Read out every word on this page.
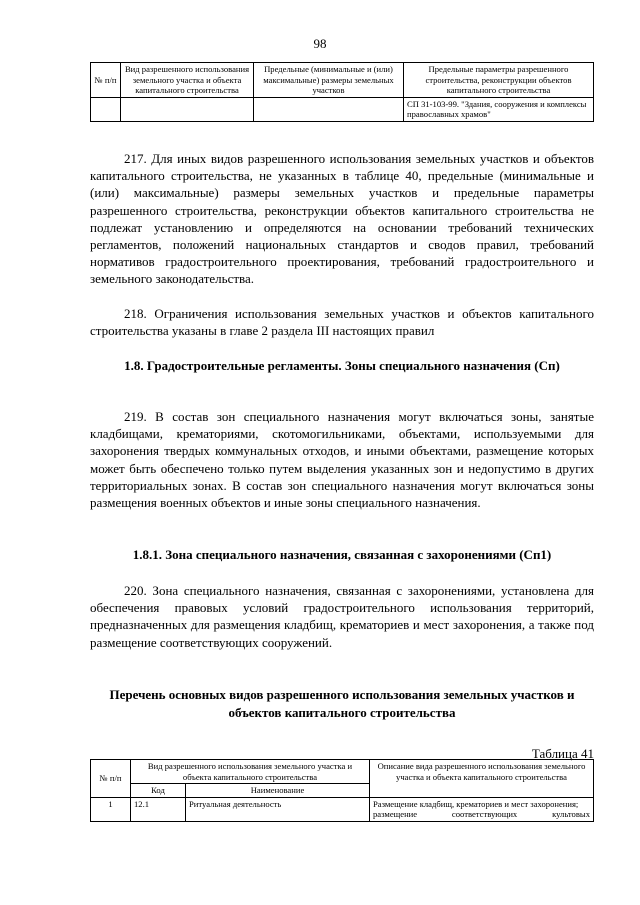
98
№ п/п	Вид разрешенного использования земельного участка и объекта капитального строительства	Предельные (минимальные и (или) максимальные) размеры земельных участков	Предельные параметры разрешенного строительства, реконструкции объектов капитального строительства
			СП 31-103-99. "Здания, сооружения и комплексы православных храмов"

217. Для иных видов разрешенного использования земельных участков и объектов капитального строительства, не указанных в таблице 40, предельные (минимальные и (или) максимальные) размеры земельных участков и предельные параметры разрешенного строительства, реконструкции объектов капитального строительства не подлежат установлению и определяются на основании требований технических регламентов, положений национальных стандартов и сводов правил, требований нормативов градостроительного проектирования, требований градостроительного и земельного законодательства.

218. Ограничения использования земельных участков и объектов капитального строительства указаны в главе 2 раздела III настоящих правил

1.8. Градостроительные регламенты. Зоны специального назначения (Сп)

219. В состав зон специального назначения могут включаться зоны, занятые кладбищами, крематориями, скотомогильниками, объектами, используемыми для захоронения твердых коммунальных отходов, и иными объектами, размещение которых может быть обеспечено только путем выделения указанных зон и недопустимо в других территориальных зонах. В состав зон специального назначения могут включаться зоны размещения военных объектов и иные зоны специального назначения.

1.8.1. Зона специального назначения, связанная с захоронениями (Сп1)

220. Зона специального назначения, связанная с захоронениями, установлена для обеспечения правовых условий градостроительного использования территорий, предназначенных для размещения кладбищ, крематориев и мест захоронения, а также под размещение соответствующих сооружений.

Перечень основных видов разрешенного использования земельных участков и объектов капитального строительства

Таблица 41
№ п/п	Вид разрешенного использования земельного участка и объекта капитального строительства		Описание вида разрешенного использования земельного участка и объекта капитального строительства
	Код	Наименование	
1	12.1	Ритуальная деятельность	Размещение кладбищ, крематориев и мест захоронения;
размещение соответствующих культовых
